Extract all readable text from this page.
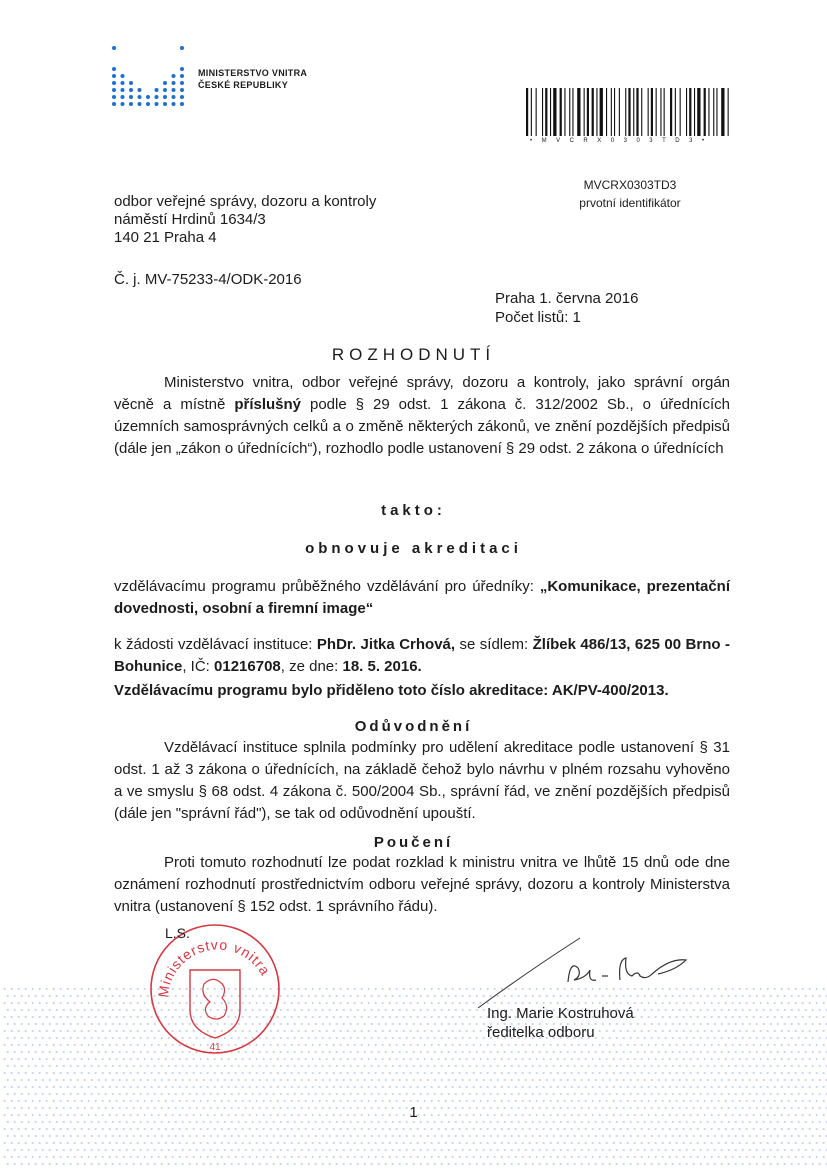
MINISTERSTVO VNITRA
ČESKÉ REPUBLIKY
•MVCRX0303TD3•
MVCRX0303TD3
prvotní identifikátor
odbor veřejné správy, dozoru a kontroly
náměstí Hrdinů 1634/3
140 21 Praha 4
Č. j. MV-75233-4/ODK-2016
Praha 1. června 2016
Počet listů: 1
ROZHODNUTÍ
Ministerstvo vnitra, odbor veřejné správy, dozoru a kontroly, jako správní orgán věcně a místně příslušný podle § 29 odst. 1 zákona č. 312/2002 Sb., o úřednících územních samosprávných celků a o změně některých zákonů, ve znění pozdějších předpisů (dále jen „zákon o úřednících“), rozhodlo podle ustanovení § 29 odst. 2 zákona o úřednících
takto:
obnovuje akreditaci
vzdělávacímu programu průběžného vzdělávání pro úředníky: „Komunikace, prezentační dovednosti, osobní a firemní image“
k žádosti vzdělávací instituce: PhDr. Jitka Crhová, se sídlem: Žlíbek 486/13, 625 00 Brno - Bohunice, IČ: 01216708, ze dne: 18. 5. 2016.
Vzdělávacímu programu bylo přiděleno toto číslo akreditace: AK/PV-400/2013.
Odůvodnění
Vzdělávací instituce splnila podmínky pro udělení akreditace podle ustanovení § 31 odst. 1 až 3 zákona o úřednících, na základě čehož bylo návrhu v plném rozsahu vyhověno a ve smyslu § 68 odst. 4 zákona č. 500/2004 Sb., správní řád, ve znění pozdějších předpisů (dále jen "správní řád"), se tak od odůvodnění upouští.
Poučení
Proti tomuto rozhodnutí lze podat rozklad k ministru vnitra ve lhůtě 15 dnů ode dne oznámení rozhodnutí prostřednictvím odboru veřejné správy, dozoru a kontroly Ministerstva vnitra (ustanovení § 152 odst. 1 správního řádu).
Ministerstvo vnitra
41
L.S.
Ing. Marie Kostruhová
ředitelka odboru
1
